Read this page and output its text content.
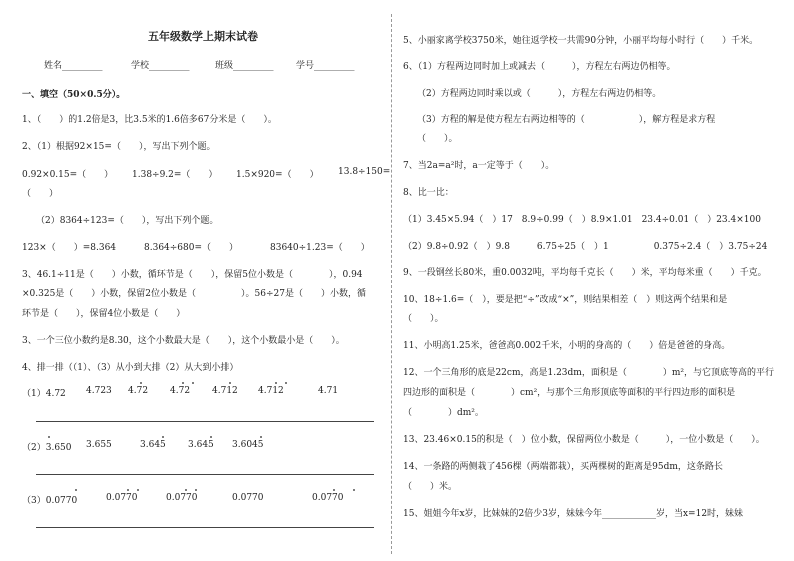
五年级数学上期末试卷
姓名_________	学校_________	班级_________ 学号_________
一、填空（50×0.5分）。
1、（　　）的1.2倍是3，比3.5米的1.6倍多67分米是（　　）。
2、（1）根据92×15=（　　），写出下列个题。
0.92×0.15=（　　） 1.38÷9.2=（　　） 1.5×920=（　　） 13.8÷150=
（　　）
（2）8364÷123=（　　），写出下列个题。
123×（　　）=8.364	8.364÷680=（　　）	83640÷1.23=（　　）
3、46.1÷11是（　　）小数，循环节是（　　），保留5位小数是（　　　　），0.94
×0.325是（　　）小数，保留2位小数是（　　　　　）。56÷27是（　　）小数，循
环节是（　　），保留4位小数是（　　）
3、一个三位小数约是8.30，这个小数最大是（　　），这个小数最小是（　　）。
4、排一排（（1）、（3）从小到大排（2）从大到小排）
（1）4.72 4.723 4.72 4.72 4.712 4.712	4.71
（2）3.650 3.655	3.645 3.645 3.6045
（3）0.0770	0.0770	0.0770	0.0770	0.0770
5、小丽家离学校3750米，她往返学校一共需90分钟，小丽平均每小时行（　　）千米。
6、（1）方程两边同时加上或减去（　　　），方程左右两边仍相等。
（2）方程两边同时乘以或（　　　），方程左右两边仍相等。
（3）方程的解是使方程左右两边相等的（　　　　　　），解方程是求方程
（　　）。
7、当2a=a²时，a一定等于（　　）。
8、比一比：
（1）3.45×5.94（　）17　8.9÷0.99（　）8.9×1.01　23.4÷0.01（　）23.4×100
（2）9.8÷0.92（　）9.8　　　6.75÷25（　）1　　　　　0.375÷2.4（　）3.75÷24
9、一段钢丝长80米，重0.0032吨，平均每千克长（　　）米，平均每米重（　　）千克。
10、18÷1.6=（　），要是把“÷”改成“×”，则结果相差（　）则这两个结果和是
（　　）。
11、小明高1.25米，爸爸高0.002千米，小明的身高的（　　）倍是爸爸的身高。
12、一个三角形的底是22cm，高是1.23dm，面积是（　　　　）m²，与它顶底等高的平行
四边形的面积是（　　　　）cm²，与那个三角形顶底等面积的平行四边形的面积是
（　　　　）dm²。
13、23.46×0.15的积是（　）位小数，保留两位小数是（　　　），一位小数是（　　）。
14、一条路的两侧栽了456棵（两端都栽），买两棵树的距离是95dm，这条路长
（　　）米。
15、姐姐今年x岁，比妹妹的2倍少3岁，妹妹今年____________岁，当x=12时，妹妹
